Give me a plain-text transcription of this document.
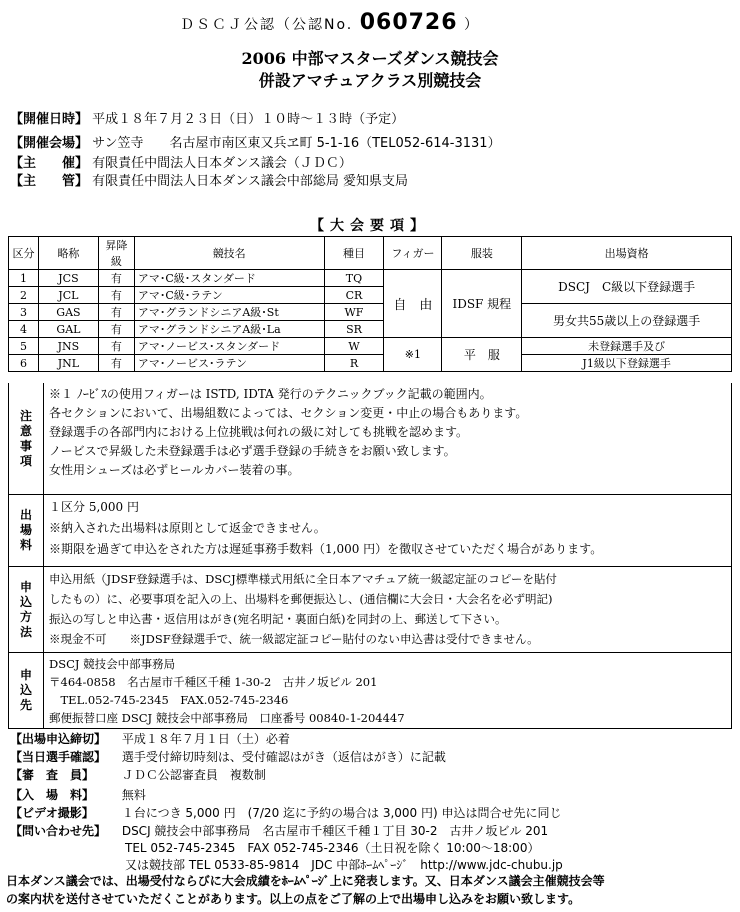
ＤＳＣＪ公認（公認No. 060726 ）
2006 中部マスターズダンス競技会
併設アマチュアクラス別競技会
【開催日時】 平成１８年７月２３日（日）１０時～１３時（予定）
【開催会場】 サン笠寺　　名古屋市南区東又兵ヱ町 5-1-16（TEL052-614-3131）
【主　　催】 有限責任中間法人日本ダンス議会（ＪＤＣ）
【主　　管】 有限責任中間法人日本ダンス議会中部総局 愛知県支局
【大会要項】
区分	略称	昇降級	競技名	種目	フィガー	服装	出場資格
1	JCS	有	アマ･C級･スタンダード	TQ	自　由	IDSF 規程	DSCJ　C級以下登録選手
2	JCL	有	アマ･C級･ラテン	CR			
3	GAS	有	アマ･グランドシニアA級･St	WF			男女共55歳以上の登録選手
4	GAL	有	アマ･グランドシニアA級･La	SR			
5	JNS	有	アマ･ノービス･スタンダード	W	※1	平　服	未登録選手及び
6	JNL	有	アマ･ノービス･ラテン	R			J1級以下登録選手
注
意
事
項
※１ ﾉｰﾋﾞｽの使用フィガーは ISTD, IDTA 発行のテクニックブック記載の範囲内。
各セクションにおいて、出場組数によっては、セクション変更・中止の場合もあります。
登録選手の各部門内における上位挑戦は何れの級に対しても挑戦を認めます。
ノービスで昇級した未登録選手は必ず選手登録の手続きをお願い致します。
女性用シューズは必ずヒールカバー装着の事。
出
場
料
１区分 5,000 円
※納入された出場料は原則として返金できません。
※期限を過ぎて申込をされた方は遅延事務手数料（1,000 円）を徴収させていただく場合があります。
申
込
方
法
申込用紙（JDSF登録選手は、DSCJ標準様式用紙に全日本アマチュア統一級認定証のコピーを貼付
したもの）に、必要事項を記入の上、出場料を郵便振込し、(通信欄に大会日・大会名を必ず明記)
振込の写しと申込書・返信用はがき(宛名明記・裏面白紙)を同封の上、郵送して下さい。
※現金不可　　※JDSF登録選手で、統一級認定証コピー貼付のない申込書は受付できません。
申
込
先
DSCJ 競技会中部事務局
〒464-0858　名古屋市千種区千種 1-30-2　古井ノ坂ビル 201
　TEL.052-745-2345　FAX.052-745-2346
郵便振替口座 DSCJ 競技会中部事務局　口座番号 00840-1-204447
【出場申込締切】 平成１８年７月１日（土）必着
【当日選手確認】 選手受付締切時刻は、受付確認はがき（返信はがき）に記載
【審　査　員】 ＪＤＣ公認審査員　複数制
【入　場　料】 無料
【ビデオ撮影】 １台につき 5,000 円　(7/20 迄に予約の場合は 3,000 円) 申込は問合せ先に同じ
【問い合わせ先】 DSCJ 競技会中部事務局　名古屋市千種区千種１丁目 30-2　古井ノ坂ビル 201
TEL 052-745-2345　FAX 052-745-2346（土日祝を除く 10:00～18:00）
又は競技部 TEL 0533-85-9814　JDC 中部ﾎｰﾑﾍﾟｰｼﾞ　http://www.jdc-chubu.jp
日本ダンス議会では、出場受付ならびに大会成績をﾎｰﾑﾍﾟｰｼﾞ上に発表します。又、日本ダンス議会主催競技会等
の案内状を送付させていただくことがあります。以上の点をご了解の上で出場申し込みをお願い致します。
